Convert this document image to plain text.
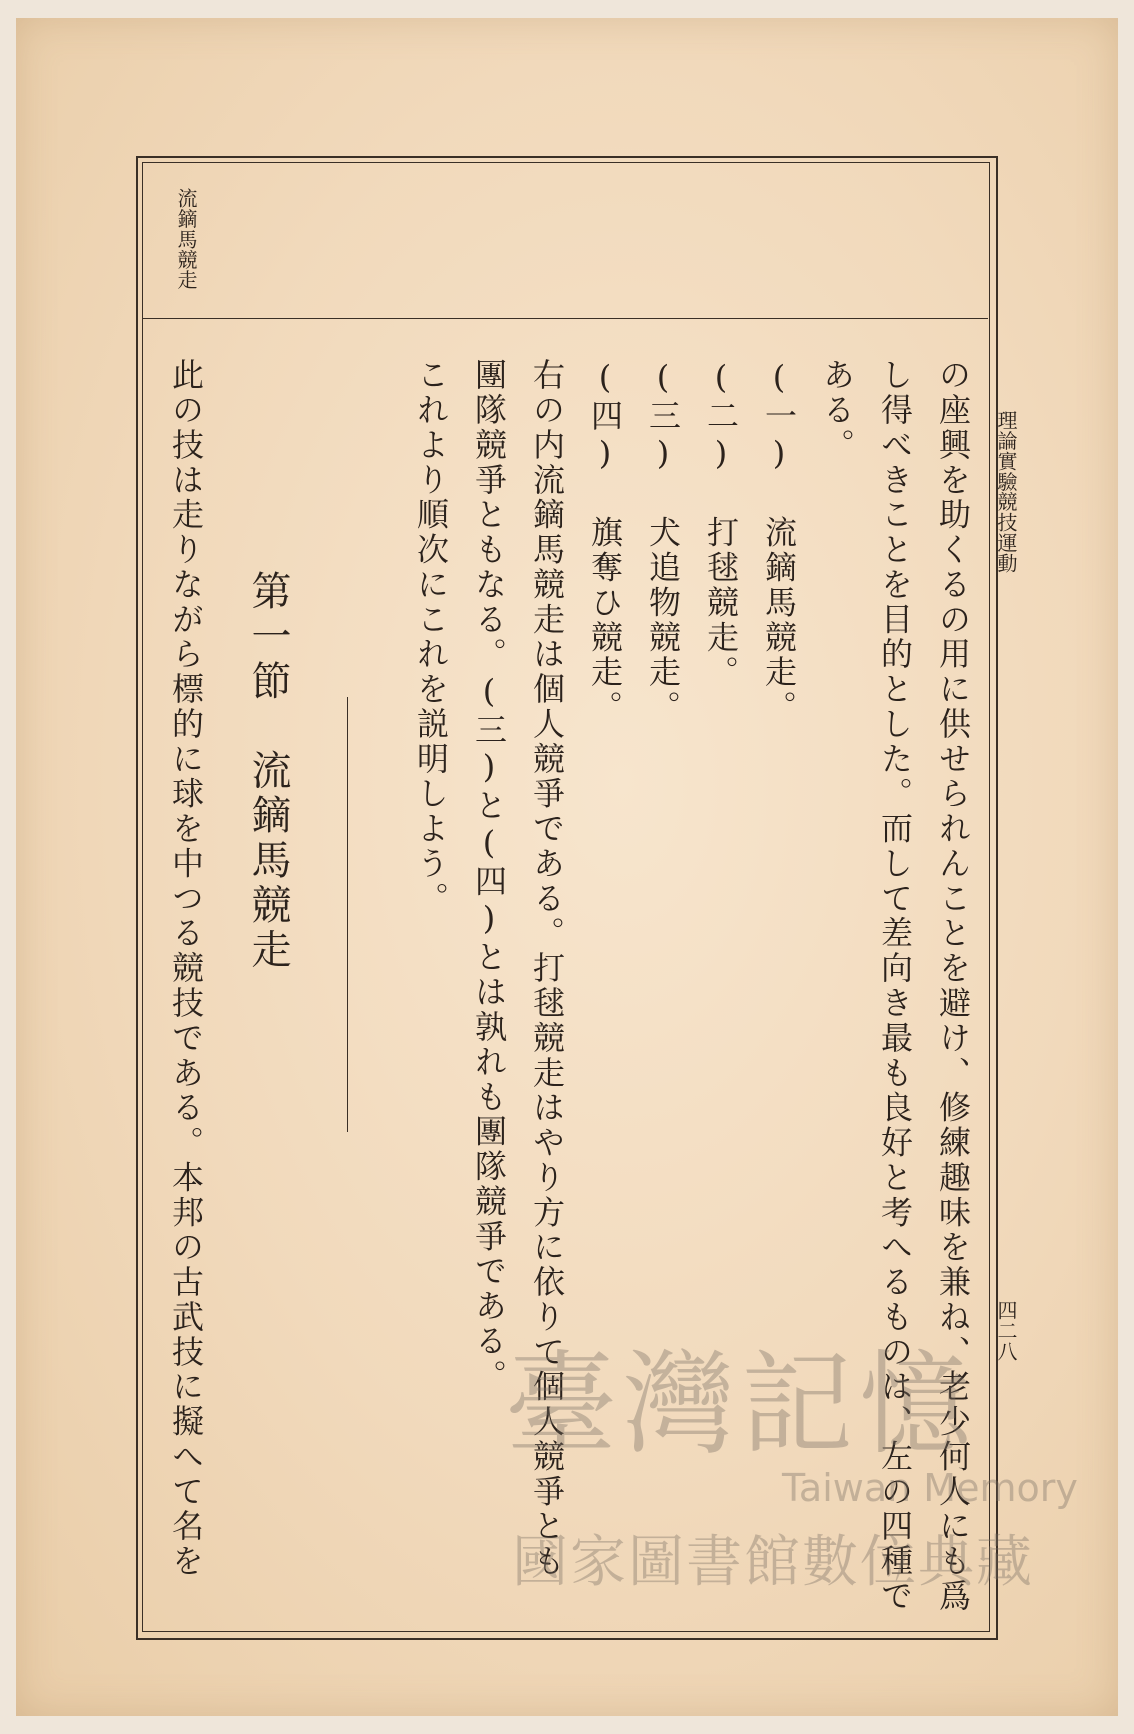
理論實驗競技運動
四二八
流鏑馬競走
の座興を助くるの用に供せられんことを避け、修練趣味を兼ね、老少何人にも爲
し得べきことを目的とした。而して差向き最も良好と考へるものは、左の四種で
ある。
(一) 流鏑馬競走。
(二) 打毬競走。
(三) 犬追物競走。
(四) 旗奪ひ競走。
右の内流鏑馬競走は個人競爭である。打毬競走はやり方に依りて個人競爭とも
團隊競爭ともなる。(三)と(四)とは孰れも團隊競爭である。
これより順次にこれを説明しよう。
第一節　流鏑馬競走
此の技は走りながら標的に球を中つる競技である。本邦の古武技に擬へて名を	臺灣記憶
Taiwan Memory
國家圖書館數位典藏
